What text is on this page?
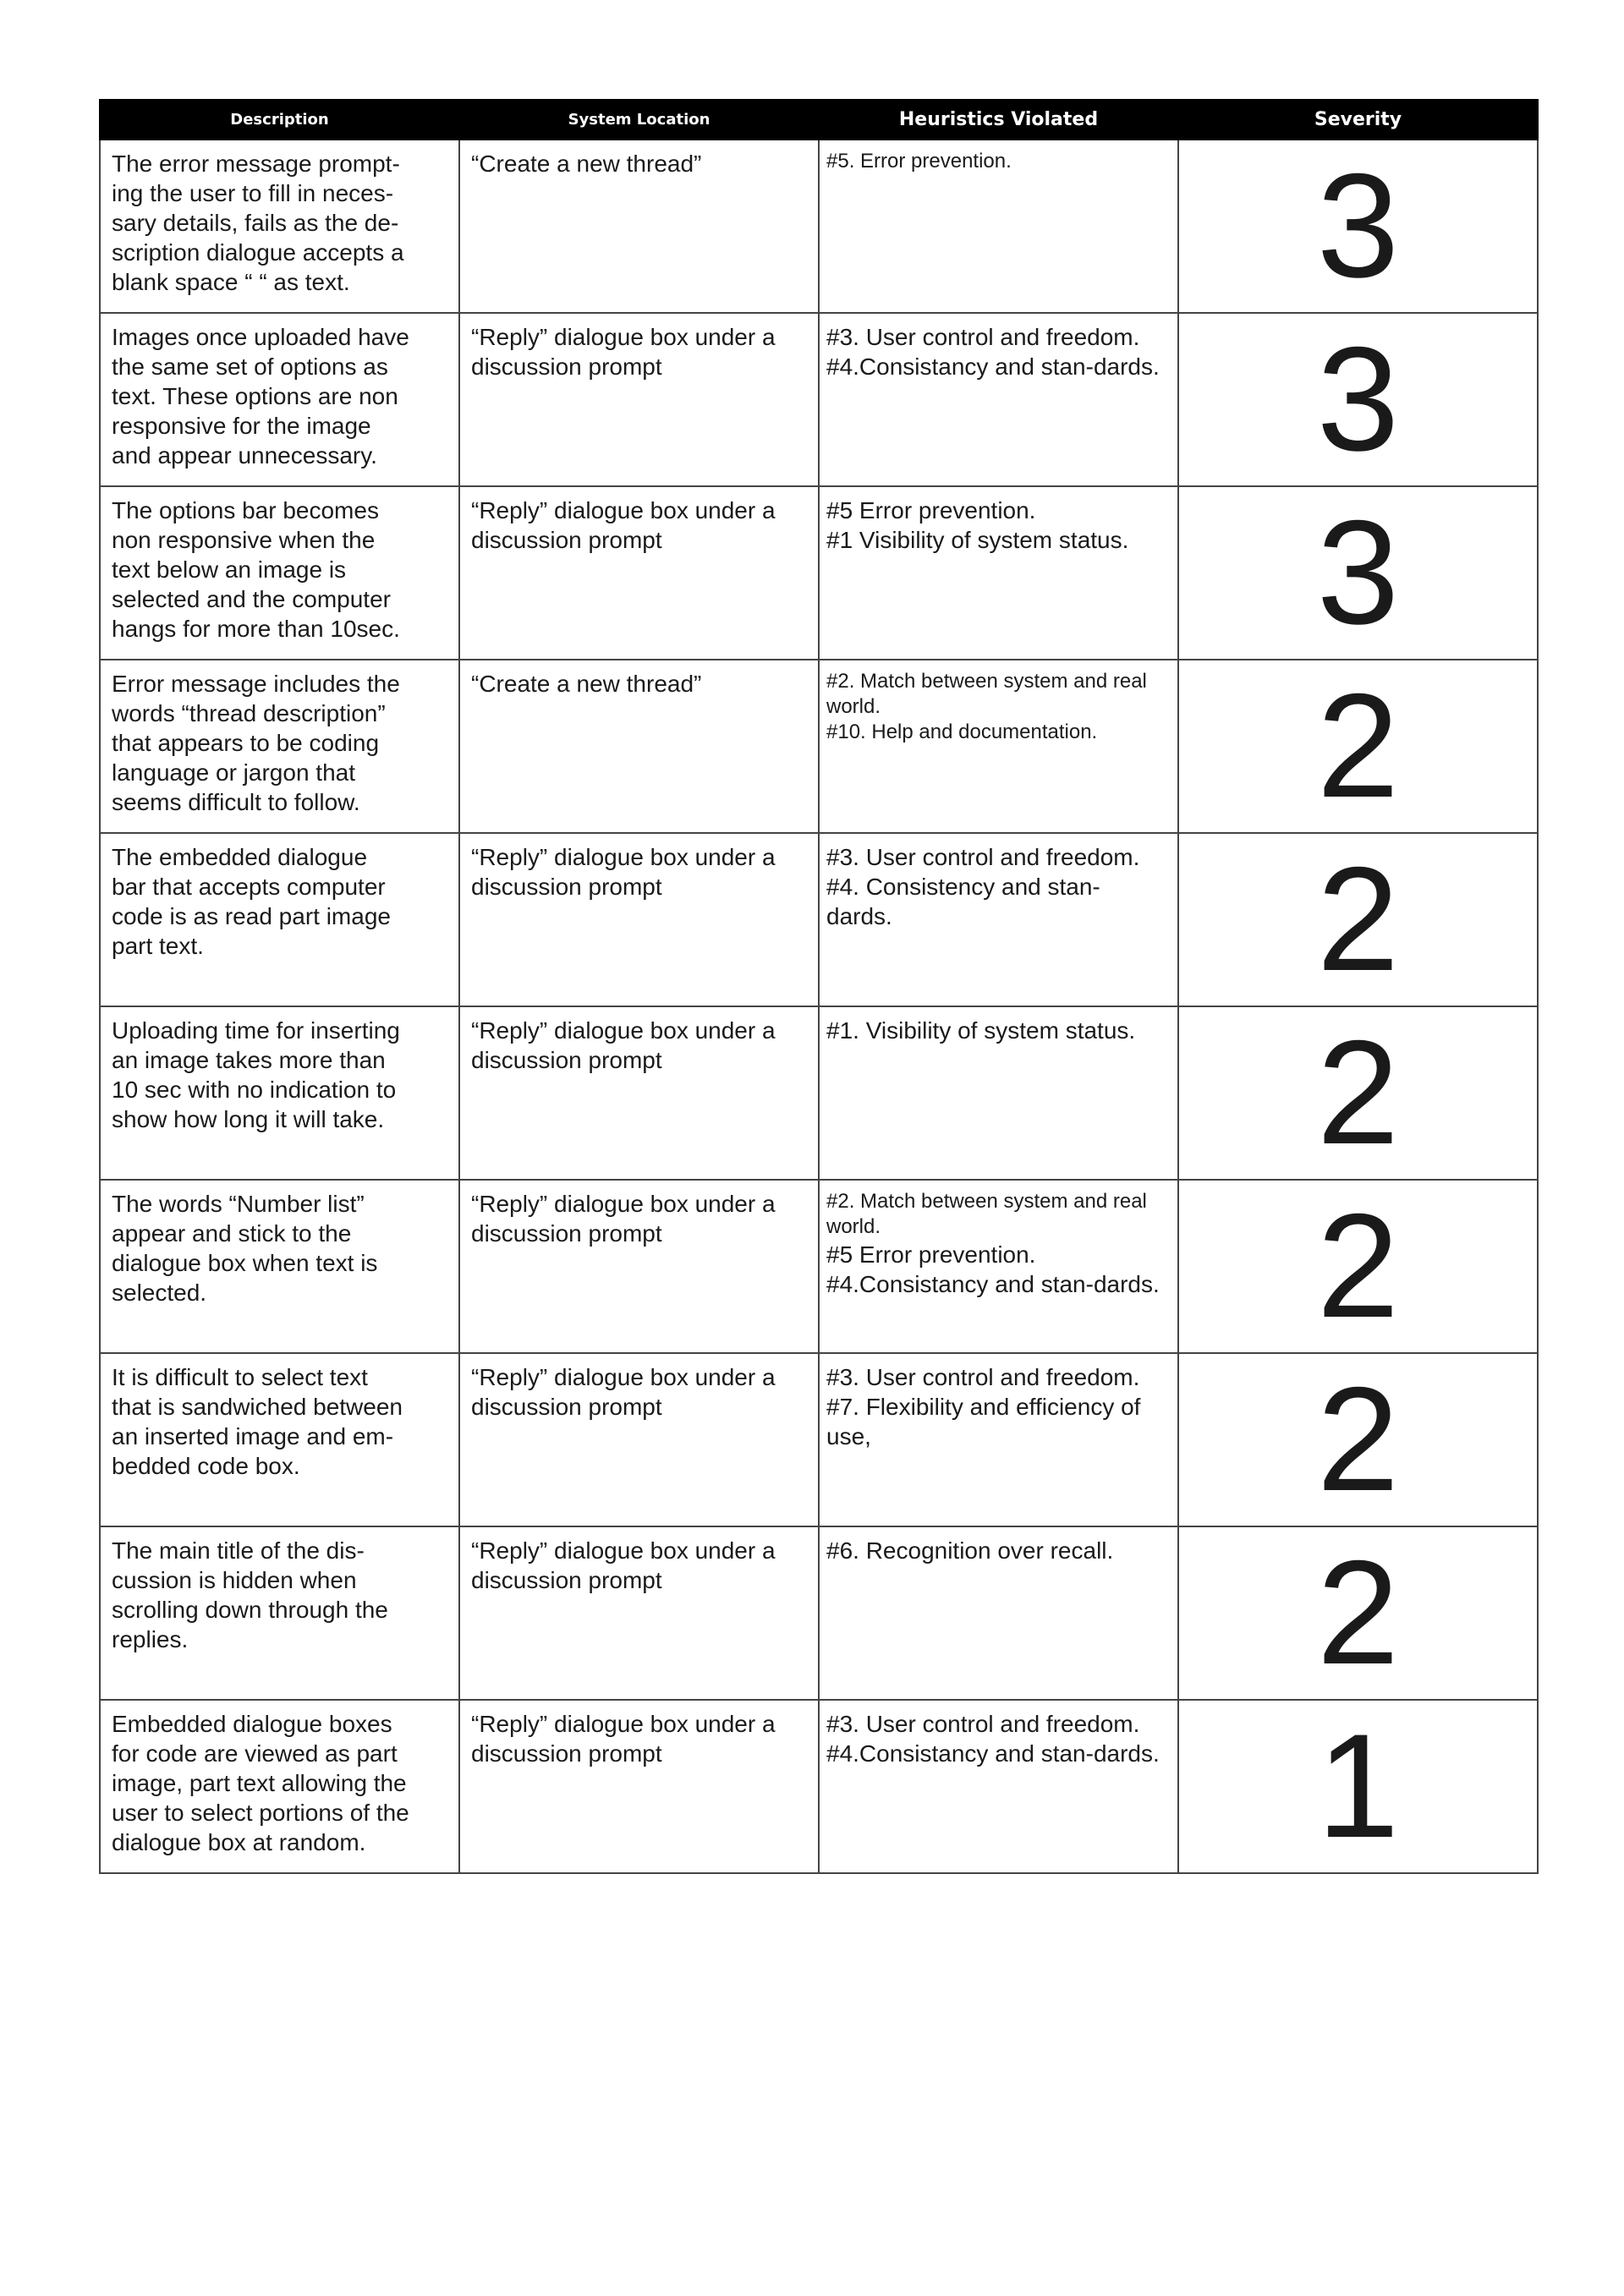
Description	System Location	Heuristics Violated	Severity
The error message prompt-
ing the user to fill in neces-
sary details, fails as the de-
scription dialogue accepts a
blank space “ “ as text.	“Create a new thread”	#5. Error prevention.	3
Images once uploaded have
the same set of options as
text. These options are non
responsive for the image
and appear unnecessary.	“Reply” dialogue box under a discussion prompt	#3. User control and freedom.
#4.Consistancy and stan-dards.	3
The options bar becomes
non responsive when the
text below an image is
selected and the computer
hangs for more than 10sec.	“Reply” dialogue box under a discussion prompt	#5 Error prevention.
#1 Visibility of system status.	3
Error message includes the
words “thread description”
that appears to be coding
language or jargon that
seems difficult to follow.	“Create a new thread”	#2. Match between system and real world.
#10. Help and documentation.	2
The embedded dialogue
bar that accepts computer
code is as read part image
part text.	“Reply” dialogue box under a discussion prompt	#3. User control and freedom.
#4. Consistency and stan-dards.	2
Uploading time for inserting
an image takes more than
10 sec with no indication to
show how long it will take.	“Reply” dialogue box under a discussion prompt	#1. Visibility of system status.	2
The words “Number list”
appear and stick to the
dialogue box when text is
selected.	“Reply” dialogue box under a discussion prompt	#2. Match between system and real world.
#5 Error prevention.
#4.Consistancy and stan-dards.	2
It is difficult to select text
that is sandwiched between
an inserted image and em-
bedded code box.	“Reply” dialogue box under a discussion prompt	#3. User control and freedom.
#7. Flexibility and efficiency of use,	2
The main title of the dis-
cussion is hidden when
scrolling down through the
replies.	“Reply” dialogue box under a discussion prompt	#6. Recognition over recall.	2
Embedded dialogue boxes
for code are viewed as part
image, part text allowing the
user to select portions of the
dialogue box at random.	“Reply” dialogue box under a discussion prompt	#3. User control and freedom.
#4.Consistancy and stan-dards.	1
